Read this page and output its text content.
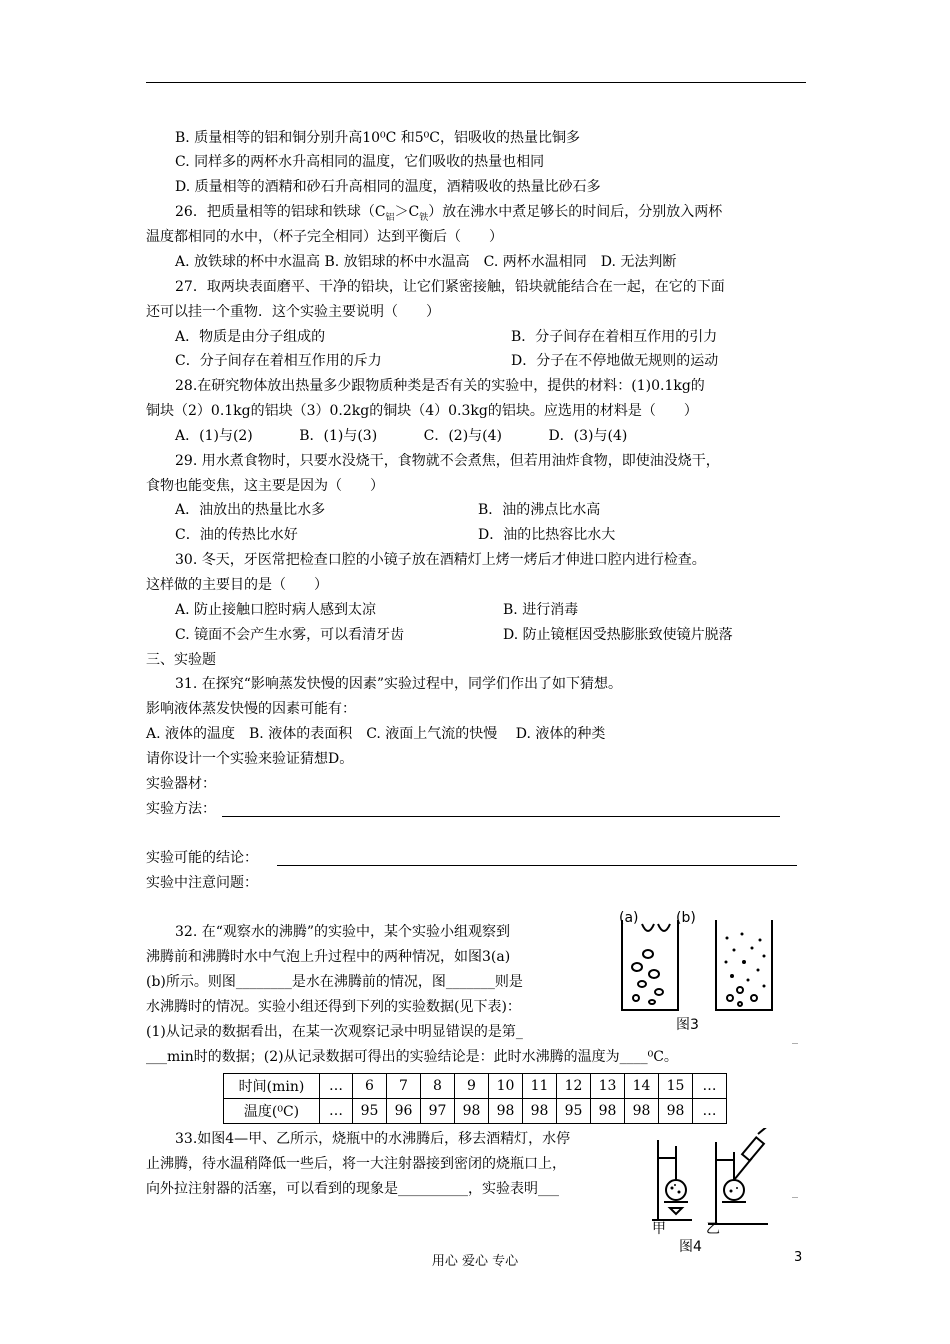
B. 质量相等的铝和铜分别升高10⁰C 和5⁰C，铝吸收的热量比铜多
C. 同样多的两杯水升高相同的温度，它们吸收的热量也相同
D. 质量相等的酒精和砂石升高相同的温度，酒精吸收的热量比砂石多
26．把质量相等的铝球和铁球$(C_铝>C_铁)$放在沸水中煮足够长的时间后，分别放入两杯
温度都相同的水中，（杯子完全相同）达到平衡后（　　）
A. 放铁球的杯中水温高 B. 放铝球的杯中水温高　C. 两杯水温相同　D. 无法判断
27．取两块表面磨平、干净的铅块，让它们紧密接触，铅块就能结合在一起，在它的下面
还可以挂一个重物．这个实验主要说明（　　）
A．物质是由分子组成的	B．分子间存在着相互作用的引力
C．分子间存在着相互作用的斥力	D．分子在不停地做无规则的运动
28.在研究物体放出热量多少跟物质种类是否有关的实验中，提供的材料：(1)0.1kg的
铜块（2）0.1kg的铝块（3）0.2kg的铜块（4）0.3kg的铝块。应选用的材料是（　　）
A．(1)与(2)　　　 B．(1)与(3)　　　 C．(2)与(4)　　　 D．(3)与(4)
29. 用水煮食物时，只要水没烧干，食物就不会煮焦，但若用油炸食物，即使油没烧干，
食物也能变焦，这主要是因为（　　）
A．油放出的热量比水多	B．油的沸点比水高
C．油的传热比水好	D．油的比热容比水大
30. 冬天，牙医常把检查口腔的小镜子放在酒精灯上烤一烤后才伸进口腔内进行检查。
这样做的主要目的是（　　）
A. 防止接触口腔时病人感到太凉	B. 进行消毒
C. 镜面不会产生水雾，可以看清牙齿	D. 防止镜框因受热膨胀致使镜片脱落
三、实验题
31. 在探究“影响蒸发快慢的因素”实验过程中，同学们作出了如下猜想。
影响液体蒸发快慢的因素可能有：
A. 液体的温度　B. 液体的表面积　C. 液面上气流的快慢　 D. 液体的种类
请你设计一个实验来验证猜想D。
实验器材：
实验方法：
实验可能的结论：
实验中注意问题：
32. 在“观察水的沸腾”的实验中，某个实验小组观察到
沸腾前和沸腾时水中气泡上升过程中的两种情况，如图3(a)
(b)所示。则图________是水在沸腾前的情况，图_______则是
水沸腾时的情况。实验小组还得到下列的实验数据(见下表)：
(1)从记录的数据看出，在某一次观察记录中明显错误的是第_
___min时的数据；(2)从记录数据可得出的实验结论是：此时水沸腾的温度为____⁰C。
_
(a)	(b)
图3
时间(min)	…	6	7	8	9	10	11	12	13	14	15	…
温度(⁰C)	…	95	96	97	98	98	98	95	98	98	98	…
33.如图4—甲、乙所示，烧瓶中的水沸腾后，移去酒精灯，水停
止沸腾，待水温稍降低一些后，将一大注射器接到密闭的烧瓶口上，
向外拉注射器的活塞，可以看到的现象是__________，实验表明___	_
甲	乙
图4
用心 爱心 专心	3
